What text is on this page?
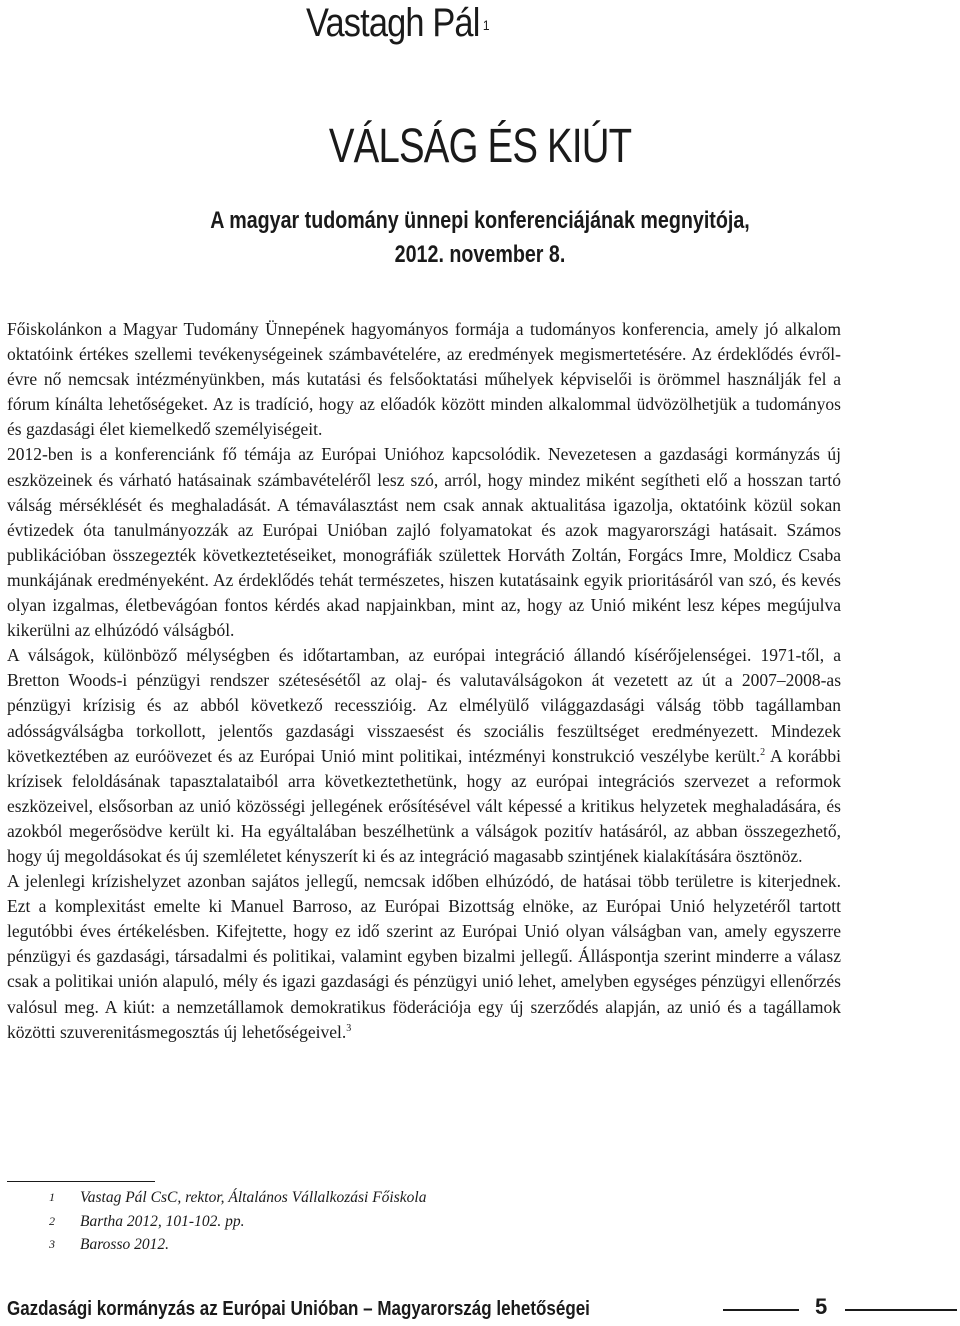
Vastagh Pál $^1$
VÁLSÁG ÉS KIÚT
A magyar tudomány ünnepi konferenciájának megnyitója,
2012. november 8.

Főiskolánkon a Magyar Tudomány Ünnepének hagyományos formája a tudományos konferencia, amely jó alkalom oktatóink értékes szellemi tevékenységeinek számbavételére, az eredmények megismertetésére. Az érdeklődés évről-évre nő nemcsak intézményünkben, más kutatási és felsőoktatási műhelyek képviselői is örömmel használják fel a fórum kínálta lehetőségeket. Az is tradíció, hogy az előadók között minden alkalommal üdvözölhetjük a tudományos és gazdasági élet kiemelkedő személyiségeit.

2012-ben is a konferenciánk fő témája az Európai Unióhoz kapcsolódik. Nevezetesen a gazdasági kormányzás új eszközeinek és várható hatásainak számbavételéről lesz szó, arról, hogy mindez miként segítheti elő a hosszan tartó válság mérséklését és meghaladását. A témaválasztást nem csak annak aktualitása igazolja, oktatóink közül sokan évtizedek óta tanulmányozzák az Európai Unióban zajló folyamatokat és azok magyarországi hatásait. Számos publikációban összegezték következtetéseiket, monográfiák születtek Horváth Zoltán, Forgács Imre, Moldicz Csaba munkájának eredményeként. Az érdeklődés tehát természetes, hiszen kutatásaink egyik prioritásáról van szó, és kevés olyan izgalmas, életbevágóan fontos kérdés akad napjainkban, mint az, hogy az Unió miként lesz képes megújulva kikerülni az elhúzódó válságból.

A válságok, különböző mélységben és időtartamban, az európai integráció állandó kísérőjelenségei. 1971-től, a Bretton Woods-i pénzügyi rendszer szétesésétől az olaj- és valutaválságokon át vezetett az út a 2007–2008-as pénzügyi krízisig és az abból következő recesszióig. Az elmélyülő világgazdasági válság több tagállamban adósságválságba torkollott, jelentős gazdasági visszaesést és szociális feszültséget eredményezett. Mindezek következtében az euróövezet és az Európai Unió mint politikai, intézményi konstrukció veszélybe került.$^2$ A korábbi krízisek feloldásának tapasztalataiból arra következtethetünk, hogy az európai integrációs szervezet a reformok eszközeivel, elsősorban az unió közösségi jellegének erősítésével vált képessé a kritikus helyzetek meghaladására, és azokból megerősödve került ki. Ha egyáltalában beszélhetünk a válságok pozitív hatásáról, az abban összegezhető, hogy új megoldásokat és új szemléletet kényszerít ki és az integráció magasabb szintjének kialakítására ösztönöz.

A jelenlegi krízishelyzet azonban sajátos jellegű, nemcsak időben elhúzódó, de hatásai több területre is kiterjednek. Ezt a komplexitást emelte ki Manuel Barroso, az Európai Bizottság elnöke, az Európai Unió helyzetéről tartott legutóbbi éves értékelésben. Kifejtette, hogy ez idő szerint az Európai Unió olyan válságban van, amely egyszerre pénzügyi és gazdasági, társadalmi és politikai, valamint egyben bizalmi jellegű. Álláspontja szerint minderre a válasz csak a politikai unión alapuló, mély és igazi gazdasági és pénzügyi unió lehet, amelyben egységes pénzügyi ellenőrzés valósul meg. A kiút: a nemzetállamok demokratikus föderációja egy új szerződés alapján, az unió és a tagállamok közötti szuverenitásmegosztás új lehetőségeivel.$^3$

1	Vastag Pál CsC, rektor, Általános Vállalkozási Főiskola
2	Bartha 2012, 101-102. pp.
3	Barosso 2012.
Gazdasági kormányzás az Európai Unióban – Magyarország lehetőségei	5
